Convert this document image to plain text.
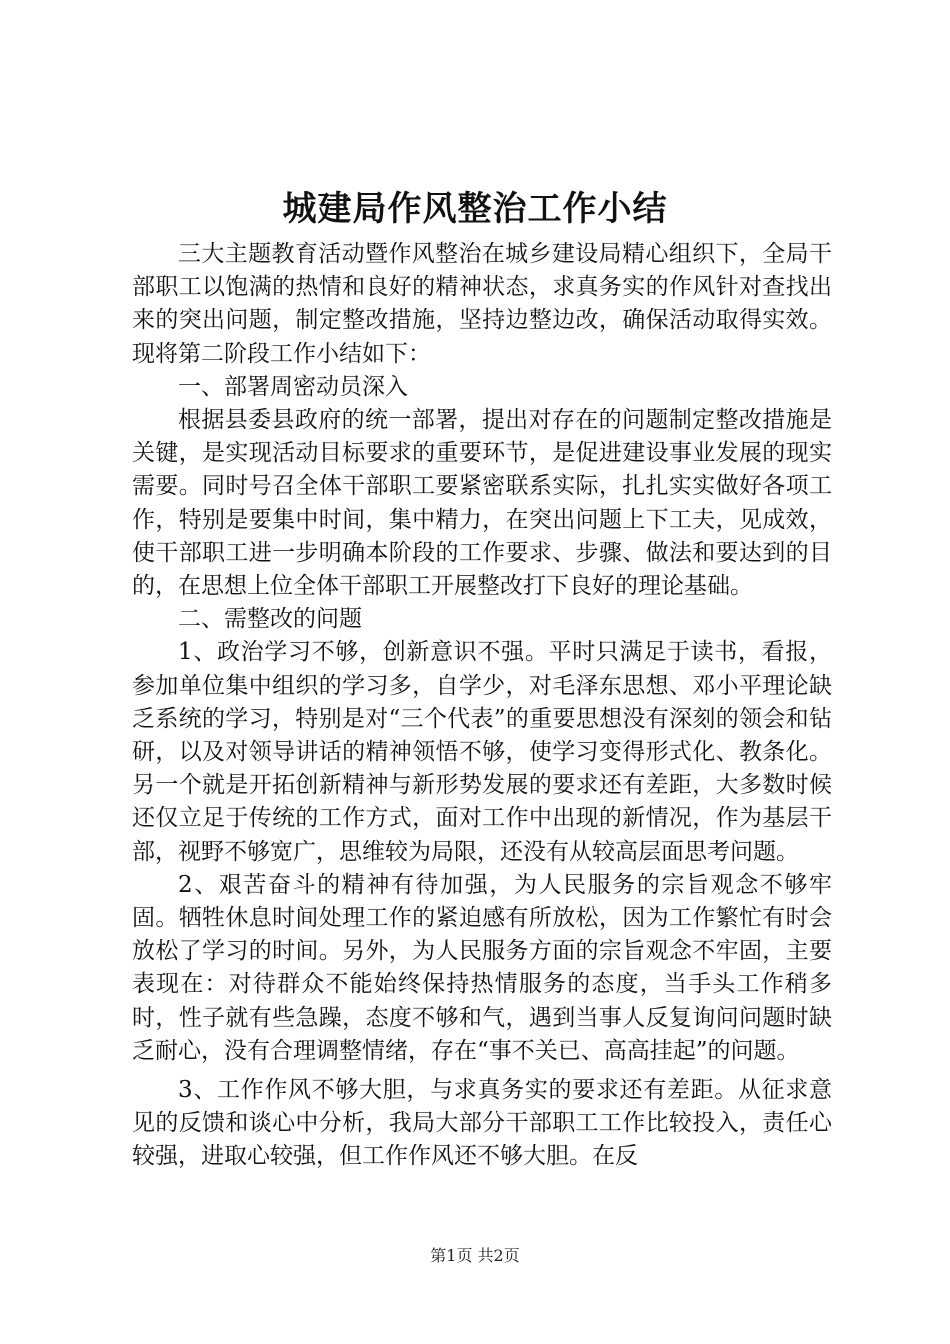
城建局作风整治工作小结

三大主题教育活动暨作风整治在城乡建设局精心组织下，全局干部职工以饱满的热情和良好的精神状态，求真务实的作风针对查找出来的突出问题，制定整改措施，坚持边整边改，确保活动取得实效。现将第二阶段工作小结如下：

一、部署周密动员深入

根据县委县政府的统一部署，提出对存在的问题制定整改措施是关键，是实现活动目标要求的重要环节，是促进建设事业发展的现实需要。同时号召全体干部职工要紧密联系实际，扎扎实实做好各项工作，特别是要集中时间，集中精力，在突出问题上下工夫，见成效，使干部职工进一步明确本阶段的工作要求、步骤、做法和要达到的目的，在思想上位全体干部职工开展整改打下良好的理论基础。

二、需整改的问题

1、政治学习不够，创新意识不强。平时只满足于读书，看报，参加单位集中组织的学习多，自学少，对毛泽东思想、邓小平理论缺乏系统的学习，特别是对“三个代表”的重要思想没有深刻的领会和钻研，以及对领导讲话的精神领悟不够，使学习变得形式化、教条化。另一个就是开拓创新精神与新形势发展的要求还有差距，大多数时候还仅立足于传统的工作方式，面对工作中出现的新情况，作为基层干部，视野不够宽广，思维较为局限，还没有从较高层面思考问题。

2、艰苦奋斗的精神有待加强，为人民服务的宗旨观念不够牢固。牺牲休息时间处理工作的紧迫感有所放松，因为工作繁忙有时会放松了学习的时间。另外，为人民服务方面的宗旨观念不牢固，主要表现在：对待群众不能始终保持热情服务的态度，当手头工作稍多时，性子就有些急躁，态度不够和气，遇到当事人反复询问问题时缺乏耐心，没有合理调整情绪，存在“事不关已、高高挂起”的问题。

3、工作作风不够大胆，与求真务实的要求还有差距。从征求意见的反馈和谈心中分析，我局大部分干部职工工作比较投入，责任心较强，进取心较强，但工作作风还不够大胆。在反

第1页 共2页
